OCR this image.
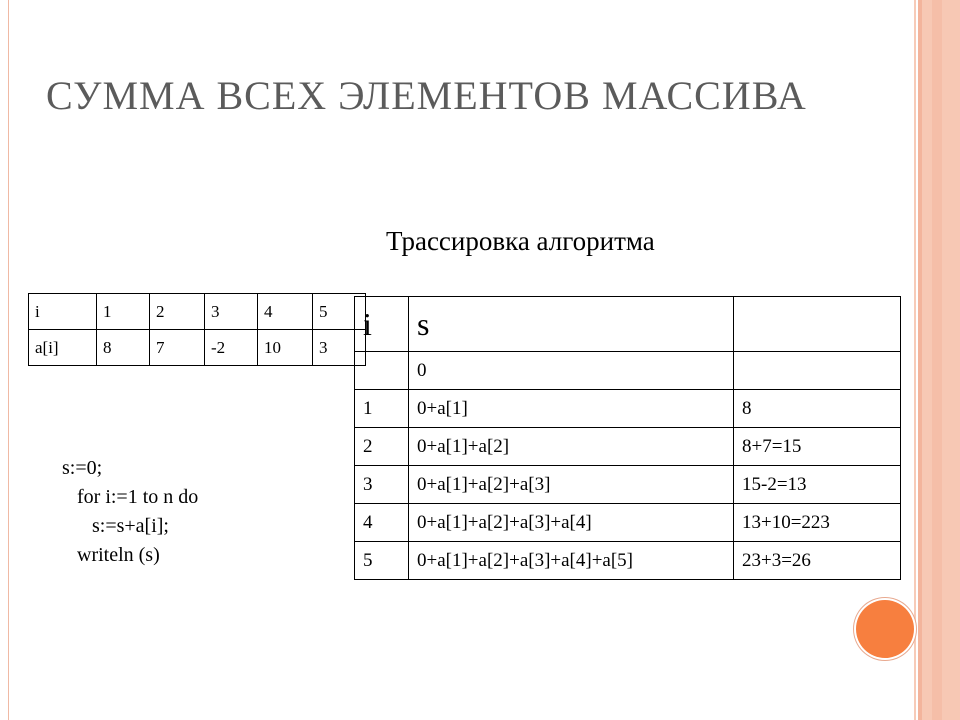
СУММА ВСЕХ ЭЛЕМЕНТОВ МАССИВА
Трассировка алгоритма
i	1	2	3	4	5
a[i]	8	7	-2	10	3
s:=0;
for i:=1 to n do
s:=s+a[i];
writeln (s)
i	s	
	0	
1	0+a[1]	8
2	0+a[1]+a[2]	8+7=15
3	0+a[1]+a[2]+a[3]	15-2=13
4	0+a[1]+a[2]+a[3]+a[4]	13+10=223
5	0+a[1]+a[2]+a[3]+a[4]+a[5]	23+3=26
